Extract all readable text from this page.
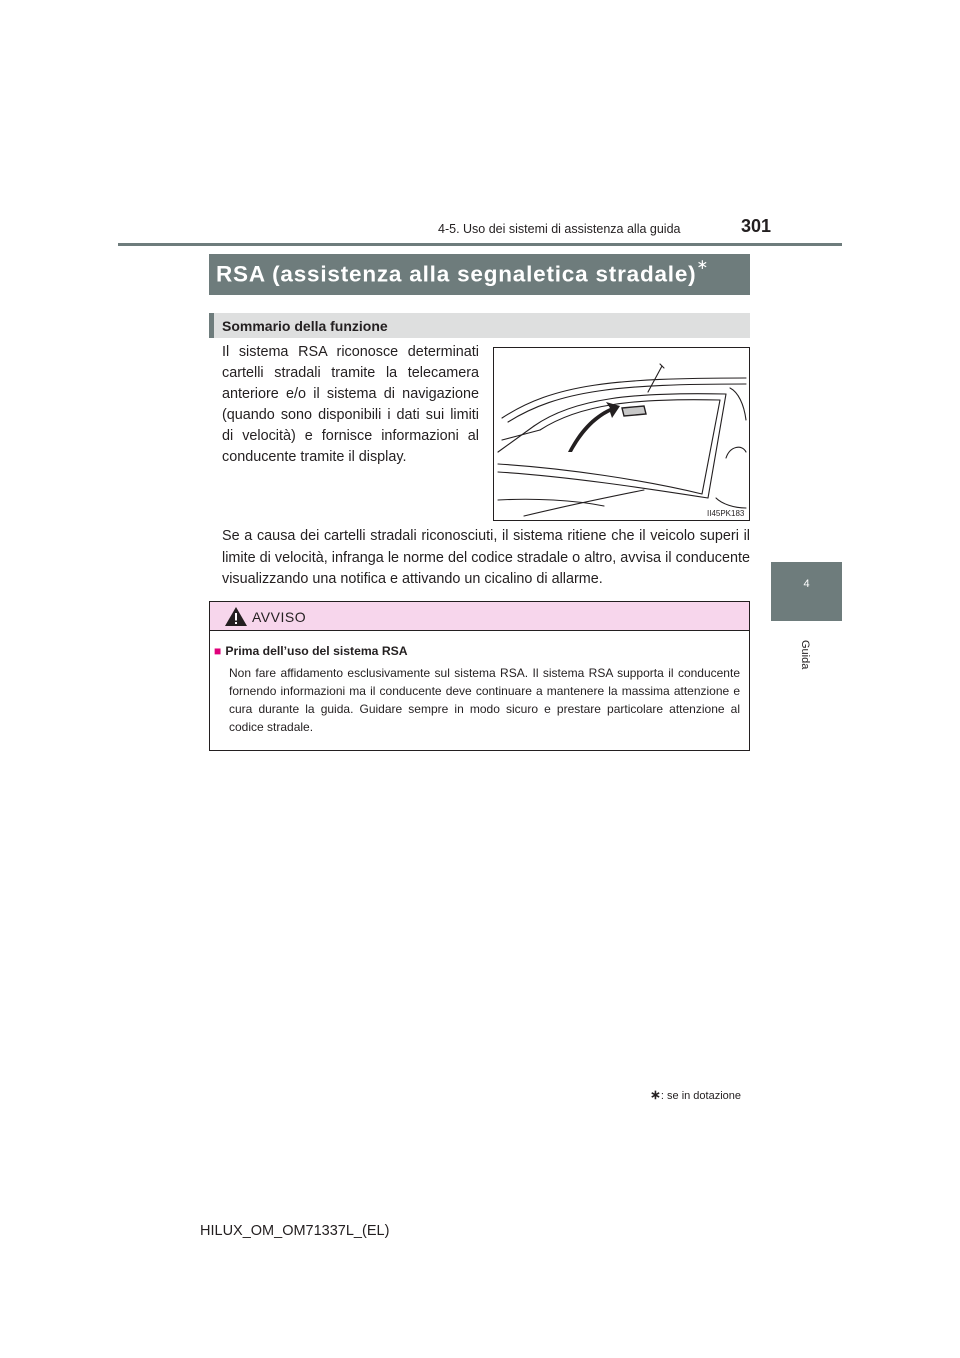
4-5. Uso dei sistemi di assistenza alla guida	301
4
Guida
RSA (assistenza alla segnaletica stradale)∗
Sommario della funzione
Il sistema RSA riconosce determinati cartelli stradali tramite la telecamera anteriore e/o il sistema di navigazione (quando sono disponibili i dati sui limiti di velocità) e fornisce informazioni al conducente tramite il display.
II45PK183
Se a causa dei cartelli stradali riconosciuti, il sistema ritiene che il veicolo superi il limite di velocità, infranga le norme del codice stradale o altro, avvisa il conducente visualizzando una notifica e attivando un cicalino di allarme.
AVVISO
■ Prima dell’uso del sistema RSA
Non fare affidamento esclusivamente sul sistema RSA. Il sistema RSA supporta il conducente fornendo informazioni ma il conducente deve continuare a mantenere la massima attenzione e cura durante la guida. Guidare sempre in modo sicuro e prestare particolare attenzione al codice stradale.
∗: se in dotazione
HILUX_OM_OM71337L_(EL)
